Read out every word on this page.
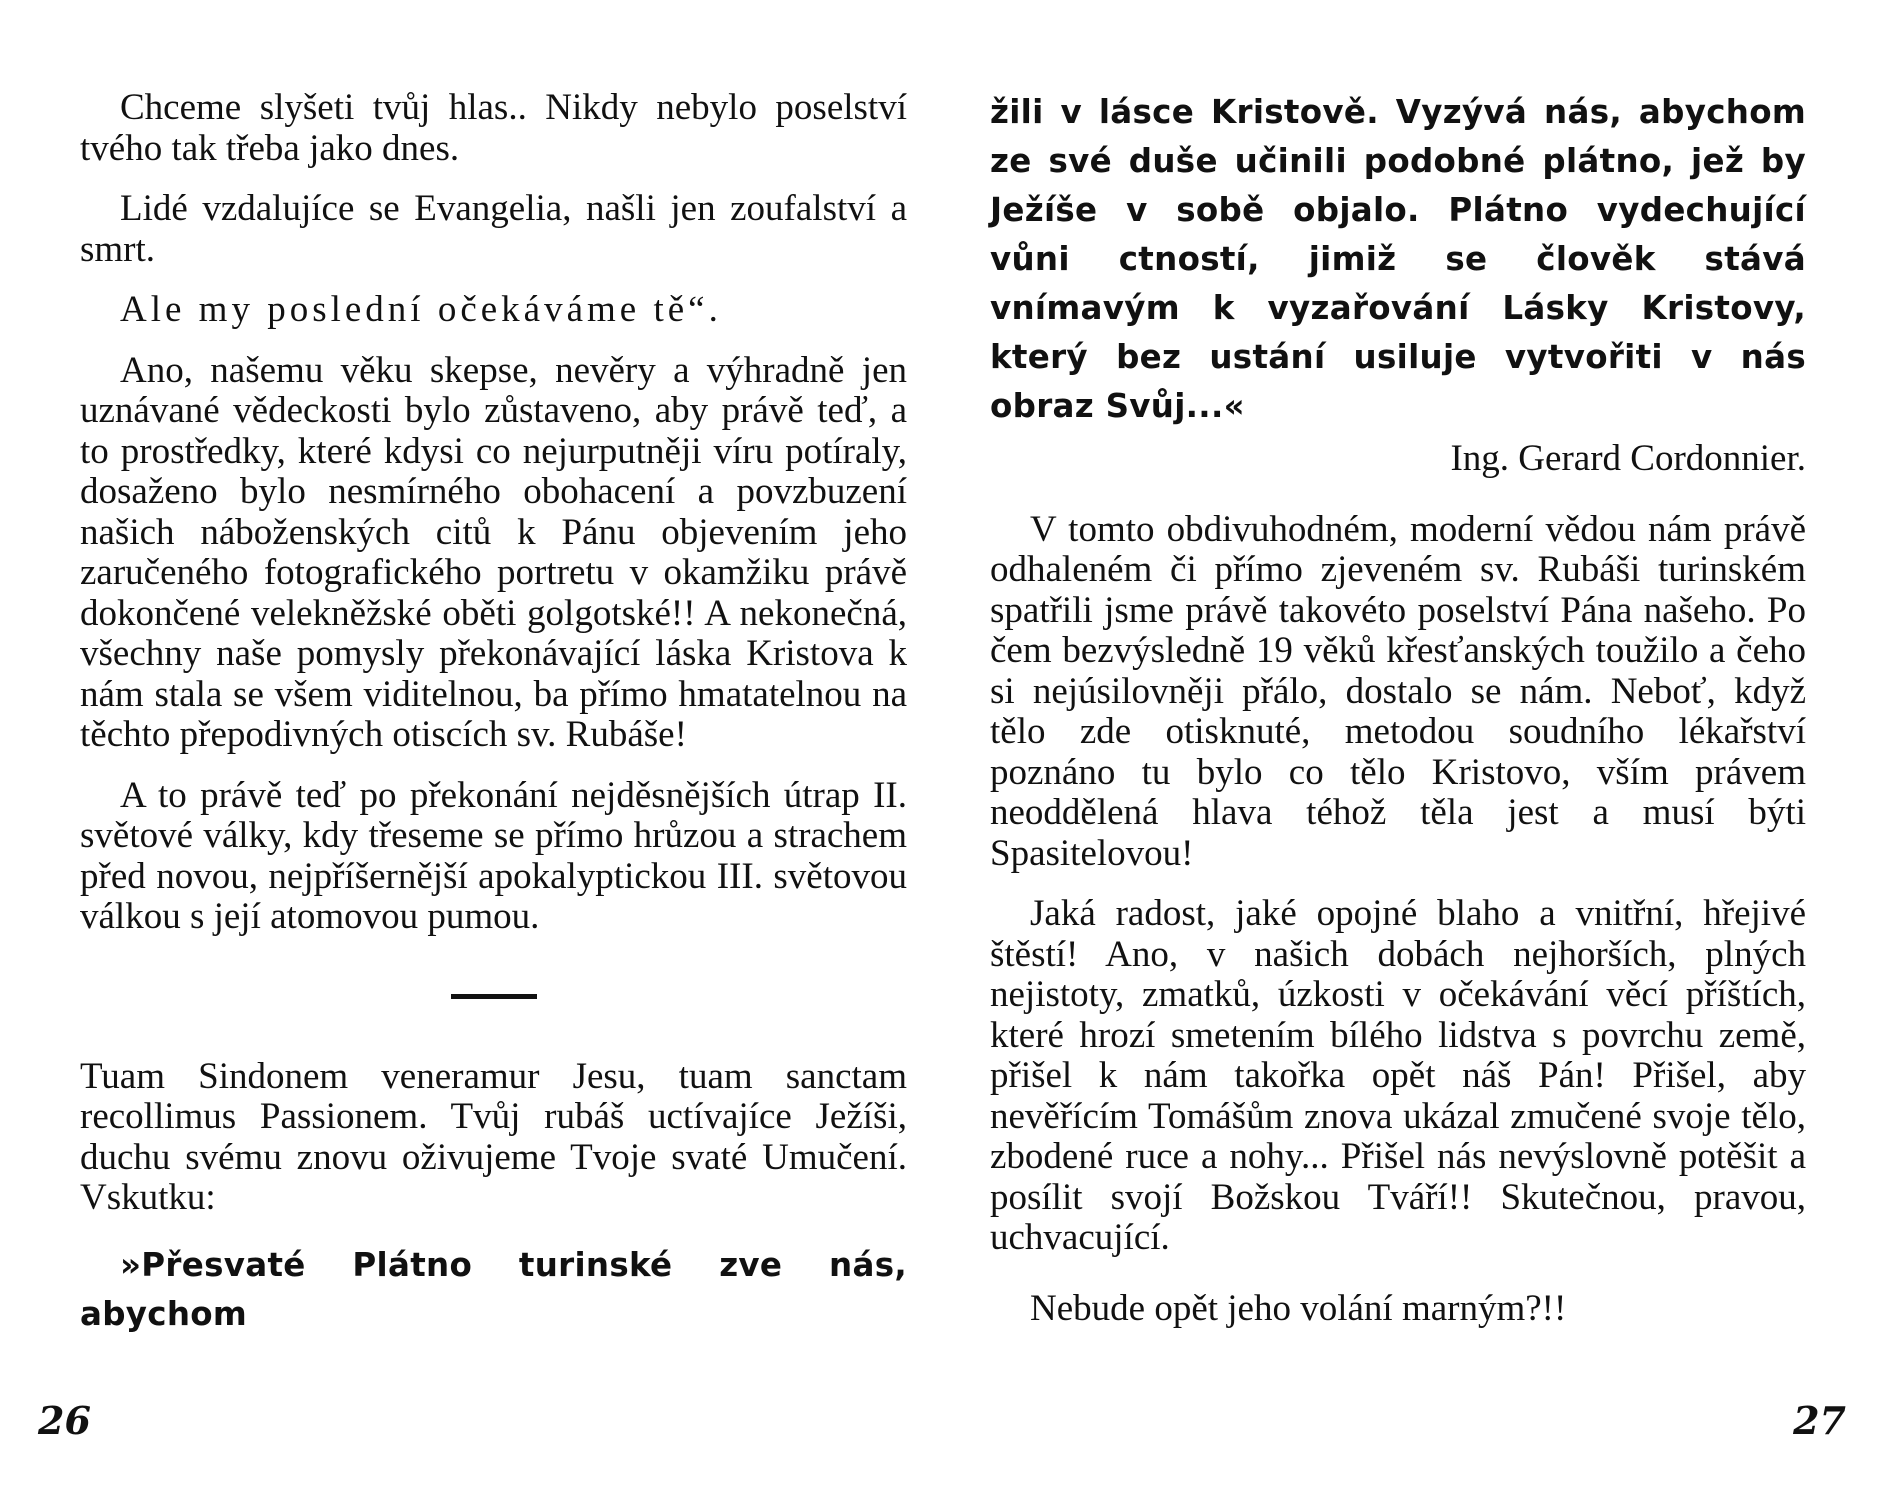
Chceme slyšeti tvůj hlas.. Nikdy nebylo poselství tvého tak třeba jako dnes.

Lidé vzdalujíce se Evangelia, našli jen zoufalství a smrt.

Ale my poslední očekáváme tě“.

Ano, našemu věku skepse, nevěry a výhradně jen uznávané vědeckosti bylo zůstaveno, aby právě teď, a to prostředky, které kdysi co nejurputněji víru potíraly, dosaženo bylo nesmírného obohacení a povzbuzení našich náboženských citů k Pánu objevením jeho zaručeného fotografického portretu v okamžiku právě dokončené velekněžské oběti golgotské!! A nekonečná, všechny naše pomysly překonávající láska Kristova k nám stala se všem viditelnou, ba přímo hmatatelnou na těchto přepodivných otiscích sv. Rubáše!

A to právě teď po překonání nejděsnějších útrap II. světové války, kdy třeseme se přímo hrůzou a strachem před novou, nejpříšernější apokalyptickou III. světovou válkou s její atomovou pumou.

Tuam Sindonem veneramur Jesu, tuam sanctam recollimus Passionem. Tvůj rubáš uctívajíce Ježíši, duchu svému znovu oživujeme Tvoje svaté Umučení. Vskutku:

»Přesvaté Plátno turinské zve nás, abychom

26

žili v lásce Kristově. Vyzývá nás, abychom ze své duše učinili podobné plátno, jež by Ježíše v sobě objalo. Plátno vydechující vůni ctností, jimiž se člověk stává vnímavým k vyzařování Lásky Kristovy, který bez ustání usiluje vytvořiti v nás obraz Svůj...«

Ing. Gerard Cordonnier.

V tomto obdivuhodném, moderní vědou nám právě odhaleném či přímo zjeveném sv. Rubáši turinském spatřili jsme právě takovéto poselství Pána našeho. Po čem bezvýsledně 19 věků křesťanských toužilo a čeho si nejúsilovněji přálo, dostalo se nám. Neboť, když tělo zde otisknuté, metodou soudního lékařství poznáno tu bylo co tělo Kristovo, vším právem neoddělená hlava téhož těla jest a musí býti Spasitelovou!

Jaká radost, jaké opojné blaho a vnitřní, hřejivé štěstí! Ano, v našich dobách nejhorších, plných nejistoty, zmatků, úzkosti v očekávání věcí příštích, které hrozí smetením bílého lidstva s povrchu země, přišel k nám takořka opět náš Pán! Přišel, aby nevěřícím Tomášům znova ukázal zmučené svoje tělo, zbodené ruce a nohy... Přišel nás nevýslovně potěšit a posílit svojí Božskou Tváří!! Skutečnou, pravou, uchvacující.

Nebude opět jeho volání marným?!!

27
